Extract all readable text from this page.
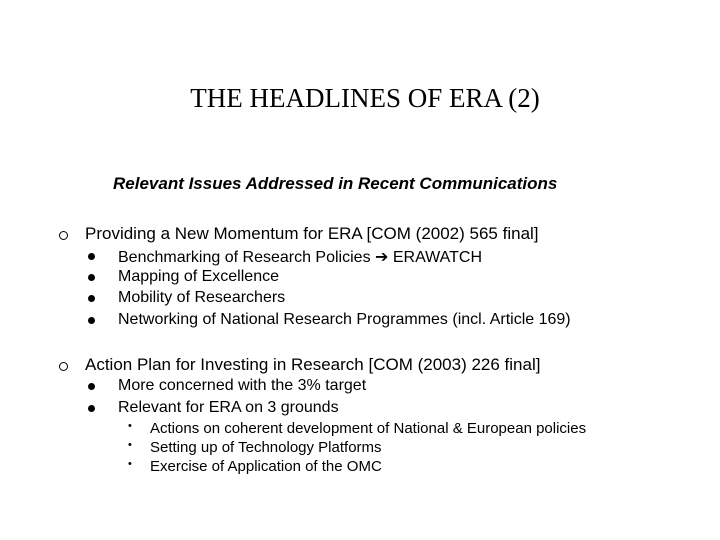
THE HEADLINES OF ERA (2)
Relevant Issues Addressed in Recent Communications
Providing a New Momentum for ERA [COM (2002) 565 final]
Benchmarking of Research Policies ➔ ERAWATCH
Mapping of Excellence
Mobility of Researchers
Networking of National Research Programmes (incl. Article 169)
Action Plan for Investing in Research [COM (2003) 226 final]
More concerned with the 3% target
Relevant for ERA on 3 grounds
• Actions on coherent development of National & European policies
• Setting up of Technology Platforms
• Exercise of Application of the OMC
